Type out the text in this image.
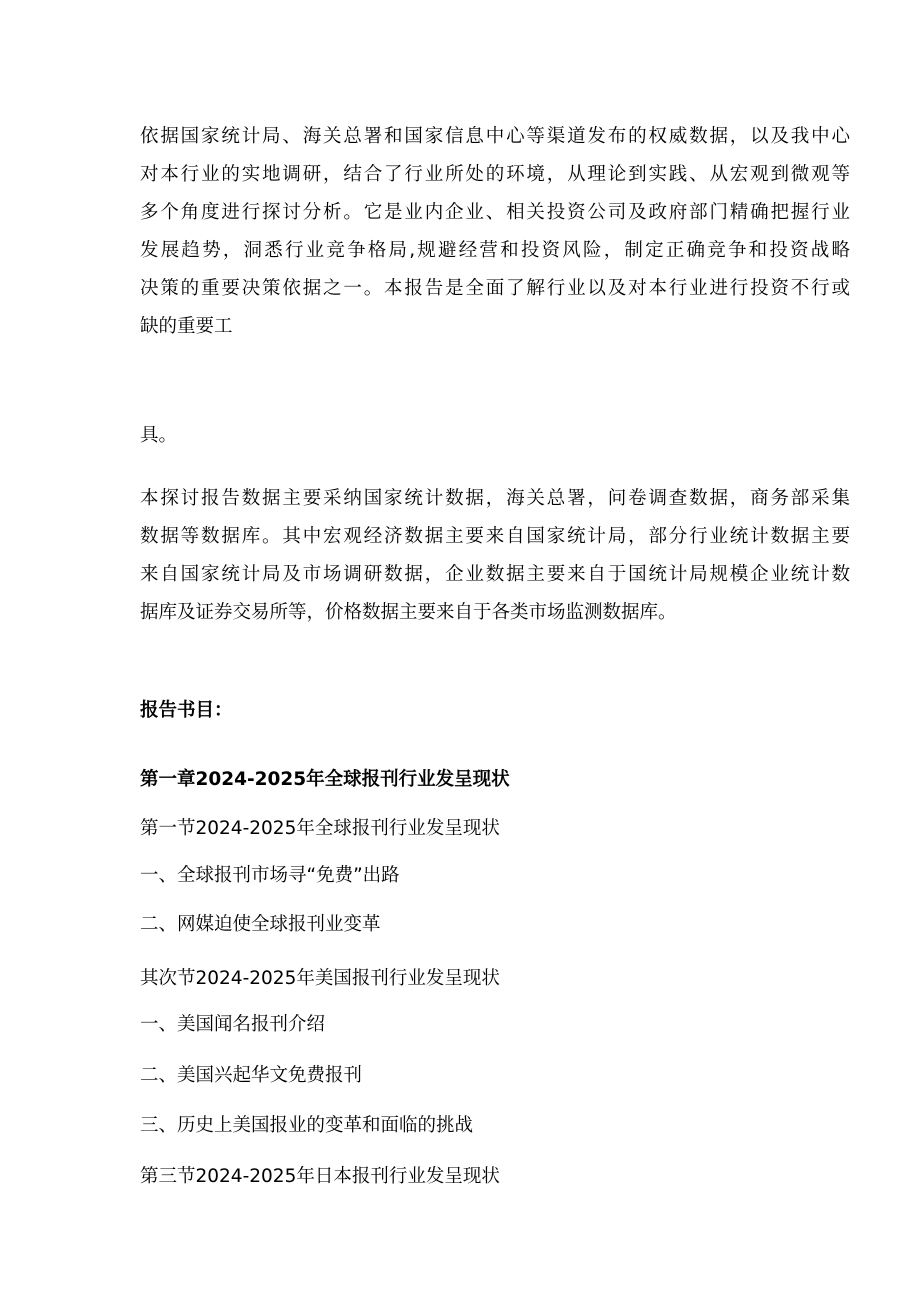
依据国家统计局、海关总署和国家信息中心等渠道发布的权威数据，以及我中心
对本行业的实地调研，结合了行业所处的环境，从理论到实践、从宏观到微观等
多个角度进行探讨分析。它是业内企业、相关投资公司及政府部门精确把握行业
发展趋势，洞悉行业竞争格局,规避经营和投资风险，制定正确竞争和投资战略
决策的重要决策依据之一。本报告是全面了解行业以及对本行业进行投资不行或
缺的重要工
具。
本探讨报告数据主要采纳国家统计数据，海关总署，问卷调查数据，商务部采集
数据等数据库。其中宏观经济数据主要来自国家统计局，部分行业统计数据主要
来自国家统计局及市场调研数据，企业数据主要来自于国统计局规模企业统计数
据库及证券交易所等，价格数据主要来自于各类市场监测数据库。
报告书目：
第一章2024-2025年全球报刊行业发呈现状
第一节2024-2025年全球报刊行业发呈现状
一、全球报刊市场寻“免费”出路
二、网媒迫使全球报刊业变革
其次节2024-2025年美国报刊行业发呈现状
一、美国闻名报刊介绍
二、美国兴起华文免费报刊
三、历史上美国报业的变革和面临的挑战
第三节2024-2025年日本报刊行业发呈现状
